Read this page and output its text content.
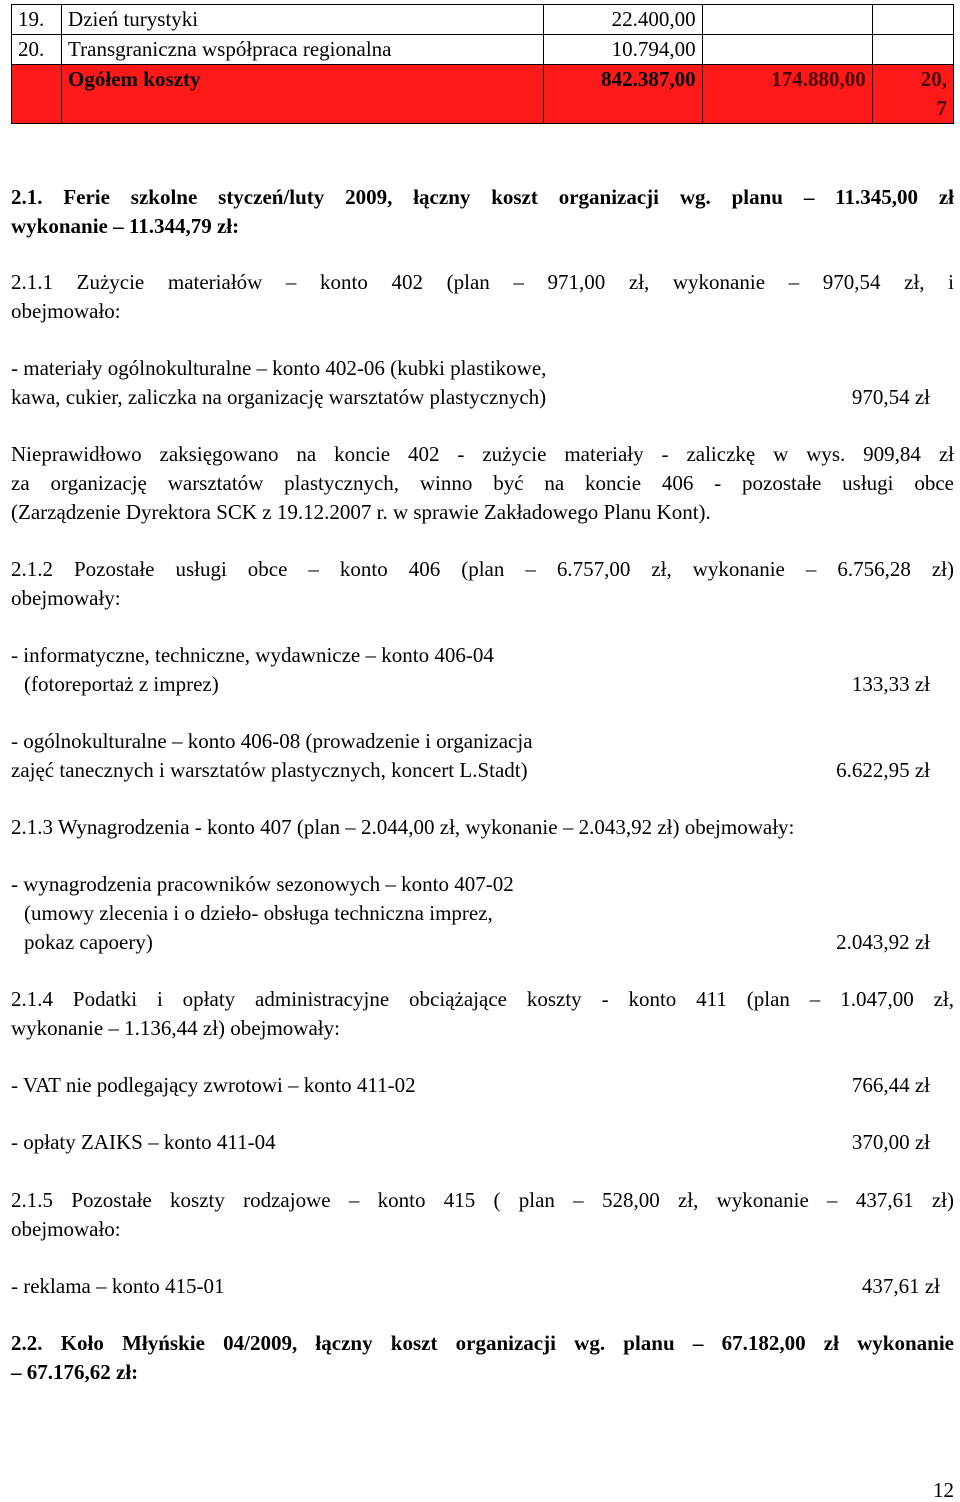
19.	Dzień turystyki	22.400,00		
20.	Transgraniczna współpraca regionalna	10.794,00		
	Ogółem koszty	842.387,00	174.880,00	20,
7
2.1. Ferie szkolne styczeń/luty 2009, łączny koszt organizacji wg. planu – 11.345,00 zł
wykonanie – 11.344,79 zł:
2.1.1 Zużycie materiałów – konto 402 (plan – 971,00 zł, wykonanie – 970,54 zł, i
obejmowało:
- materiały ogólnokulturalne – konto 402-06 (kubki plastikowe,
kawa, cukier, zaliczka na organizację warsztatów plastycznych)	970,54 zł
Nieprawidłowo zaksięgowano na koncie 402 - zużycie materiały - zaliczkę w wys. 909,84 zł
za organizację warsztatów plastycznych, winno być na koncie 406 - pozostałe usługi obce
(Zarządzenie Dyrektora SCK z 19.12.2007 r. w sprawie Zakładowego Planu Kont).
2.1.2 Pozostałe usługi obce – konto 406 (plan – 6.757,00 zł, wykonanie – 6.756,28 zł)
obejmowały:
- informatyczne, techniczne, wydawnicze – konto 406-04
(fotoreportaż z imprez)	133,33 zł
- ogólnokulturalne – konto 406-08 (prowadzenie i organizacja
zajęć tanecznych i warsztatów plastycznych, koncert L.Stadt)	6.622,95 zł
2.1.3 Wynagrodzenia - konto 407 (plan – 2.044,00 zł, wykonanie – 2.043,92 zł) obejmowały:
- wynagrodzenia pracowników sezonowych – konto 407-02
(umowy zlecenia i o dzieło- obsługa techniczna imprez,
pokaz capoery)	2.043,92 zł
2.1.4 Podatki i opłaty administracyjne obciążające koszty - konto 411 (plan – 1.047,00 zł,
wykonanie – 1.136,44 zł) obejmowały:
- VAT nie podlegający zwrotowi – konto 411-02	766,44 zł
- opłaty ZAIKS – konto 411-04	370,00 zł
2.1.5 Pozostałe koszty rodzajowe – konto 415 ( plan – 528,00 zł, wykonanie – 437,61 zł)
obejmowało:
- reklama – konto 415-01	437,61 zł
2.2. Koło Młyńskie 04/2009, łączny koszt organizacji wg. planu – 67.182,00 zł wykonanie
– 67.176,62 zł:
12
